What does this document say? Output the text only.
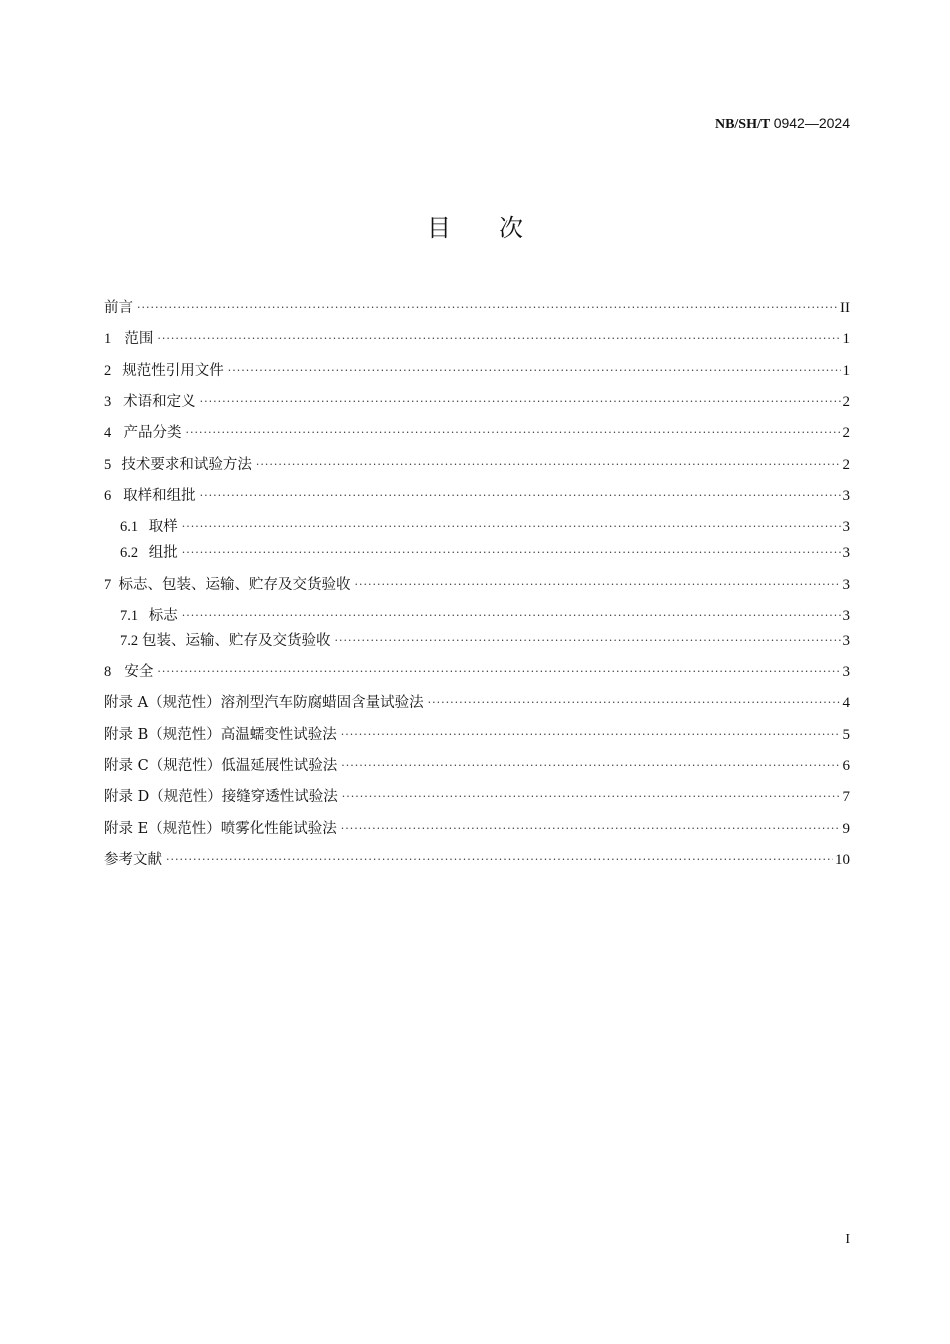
NB/SH/T 0942—2024
目次
前言 ·····	II
1 范围 ·····	1
2 规范性引用文件 ·····	1
3 术语和定义 ·····	2
4 产品分类 ·····	2
5 技术要求和试验方法 ·····	2
6 取样和组批 ·····	3
6.1 取样 ·····	3
6.2 组批 ·····	3
7 标志、包装、运输、贮存及交货验收 ·····	3
7.1 标志 ·····	3
7.2 包装、运输、贮存及交货验收 ·····	3
8 安全 ·····	3
附录 A（规范性） 溶剂型汽车防腐蜡固含量试验法 ·····	4
附录 B（规范性） 高温蠕变性试验法 ·····	5
附录 C（规范性） 低温延展性试验法 ·····	6
附录 D（规范性） 接缝穿透性试验法 ·····	7
附录 E（规范性） 喷雾化性能试验法 ·····	9
参考文献 ·····	10
I
